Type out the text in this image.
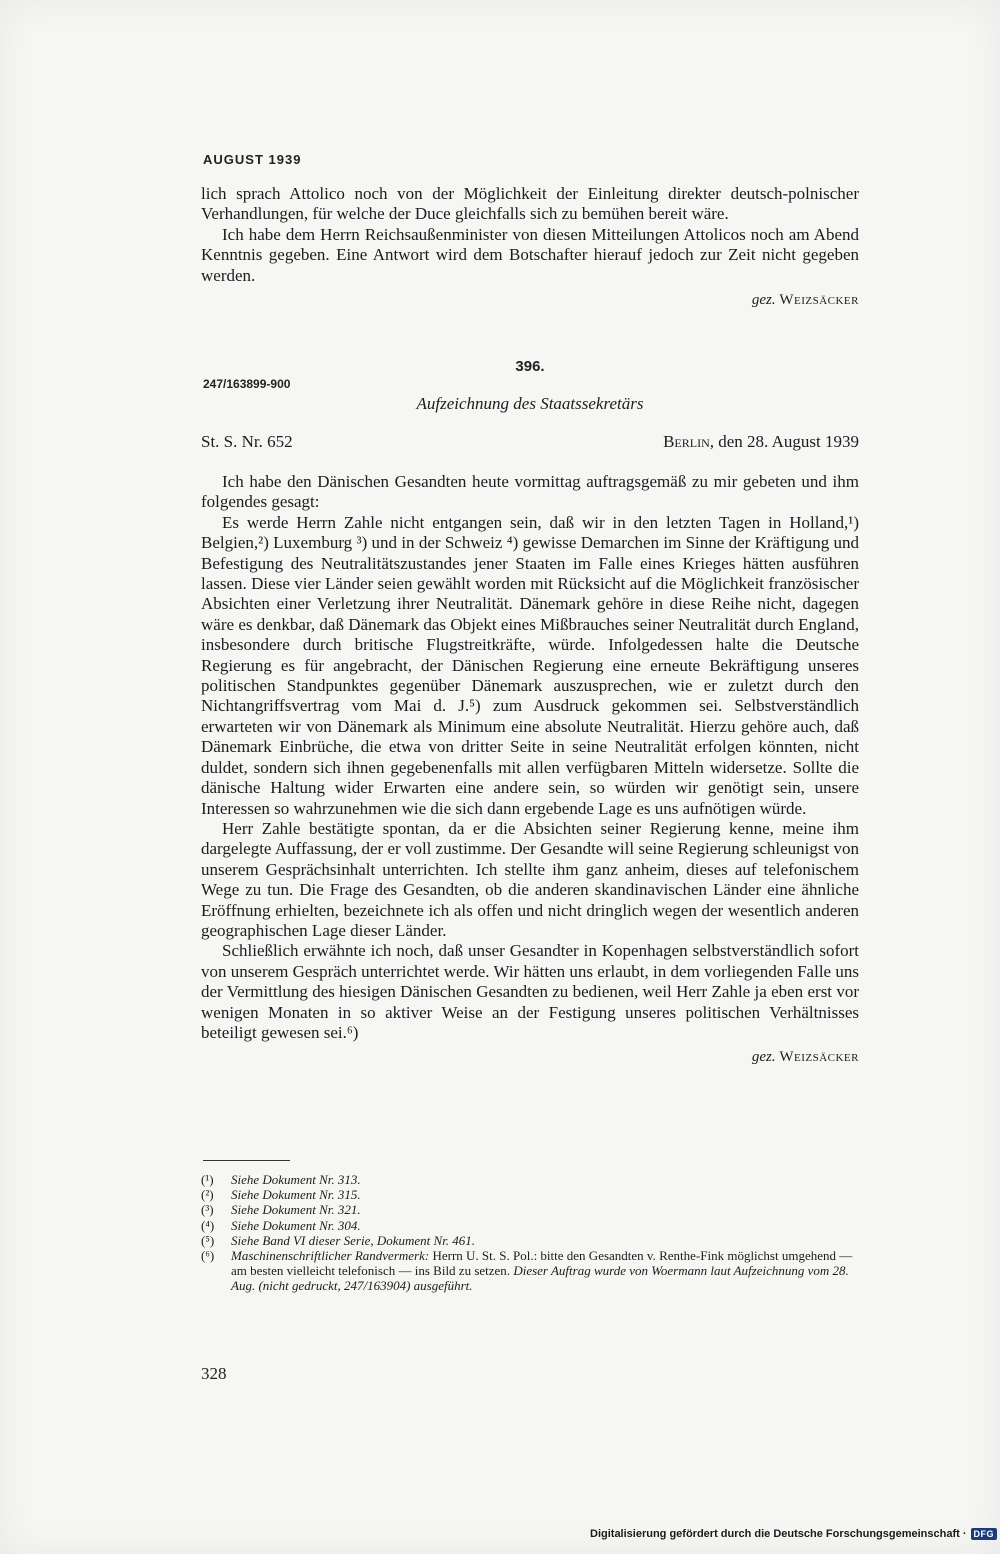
AUGUST 1939

lich sprach Attolico noch von der Möglichkeit der Einleitung direkter deutsch-polnischer Verhandlungen, für welche der Duce gleichfalls sich zu bemühen bereit wäre.

Ich habe dem Herrn Reichsaußenminister von diesen Mitteilungen Attolicos noch am Abend Kenntnis gegeben. Eine Antwort wird dem Botschafter hierauf jedoch zur Zeit nicht gegeben werden.

gez. Weizsäcker

396.
Aufzeichnung des Staatssekretärs
St. S. Nr. 652	Berlin, den 28. August 1939
247/163899-900

Ich habe den Dänischen Gesandten heute vormittag auftragsgemäß zu mir gebeten und ihm folgendes gesagt:

Es werde Herrn Zahle nicht entgangen sein, daß wir in den letzten Tagen in Holland,¹) Belgien,²) Luxemburg ³) und in der Schweiz ⁴) gewisse Demarchen im Sinne der Kräftigung und Befestigung des Neutralitätszustandes jener Staaten im Falle eines Krieges hätten ausführen lassen. Diese vier Länder seien gewählt worden mit Rücksicht auf die Möglichkeit französischer Absichten einer Verletzung ihrer Neutralität. Dänemark gehöre in diese Reihe nicht, dagegen wäre es denkbar, daß Dänemark das Objekt eines Mißbrauches seiner Neutralität durch England, insbesondere durch britische Flugstreitkräfte, würde. Infolgedessen halte die Deutsche Regierung es für angebracht, der Dänischen Regierung eine erneute Bekräftigung unseres politischen Standpunktes gegenüber Dänemark auszusprechen, wie er zuletzt durch den Nichtangriffsvertrag vom Mai d. J.⁵) zum Ausdruck gekommen sei. Selbstverständlich erwarteten wir von Dänemark als Minimum eine absolute Neutralität. Hierzu gehöre auch, daß Dänemark Einbrüche, die etwa von dritter Seite in seine Neutralität erfolgen könnten, nicht duldet, sondern sich ihnen gegebenenfalls mit allen verfügbaren Mitteln widersetze. Sollte die dänische Haltung wider Erwarten eine andere sein, so würden wir genötigt sein, unsere Interessen so wahrzunehmen wie die sich dann ergebende Lage es uns aufnötigen würde.

Herr Zahle bestätigte spontan, da er die Absichten seiner Regierung kenne, meine ihm dargelegte Auffassung, der er voll zustimme. Der Gesandte will seine Regierung schleunigst von unserem Gesprächsinhalt unterrichten. Ich stellte ihm ganz anheim, dieses auf telefonischem Wege zu tun. Die Frage des Gesandten, ob die anderen skandinavischen Länder eine ähnliche Eröffnung erhielten, bezeichnete ich als offen und nicht dringlich wegen der wesentlich anderen geographischen Lage dieser Länder.

Schließlich erwähnte ich noch, daß unser Gesandter in Kopenhagen selbstverständlich sofort von unserem Gespräch unterrichtet werde. Wir hätten uns erlaubt, in dem vorliegenden Falle uns der Vermittlung des hiesigen Dänischen Gesandten zu bedienen, weil Herr Zahle ja eben erst vor wenigen Monaten in so aktiver Weise an der Festigung unseres politischen Verhältnisses beteiligt gewesen sei.⁶)

gez. Weizsäcker

(¹)	Siehe Dokument Nr. 313.
(²)	Siehe Dokument Nr. 315.
(³)	Siehe Dokument Nr. 321.
(⁴)	Siehe Dokument Nr. 304.
(⁵)	Siehe Band VI dieser Serie, Dokument Nr. 461.
(⁶)	Maschinenschriftlicher Randvermerk: Herrn U. St. S. Pol.: bitte den Gesandten v. Renthe-Fink möglichst umgehend — am besten vielleicht telefonisch — ins Bild zu setzen. Dieser Auftrag wurde von Woermann laut Aufzeichnung vom 28. Aug. (nicht gedruckt, 247/163904) ausgeführt.
328
Digitalisierung gefördert durch die Deutsche Forschungsgemeinschaft · DFG
